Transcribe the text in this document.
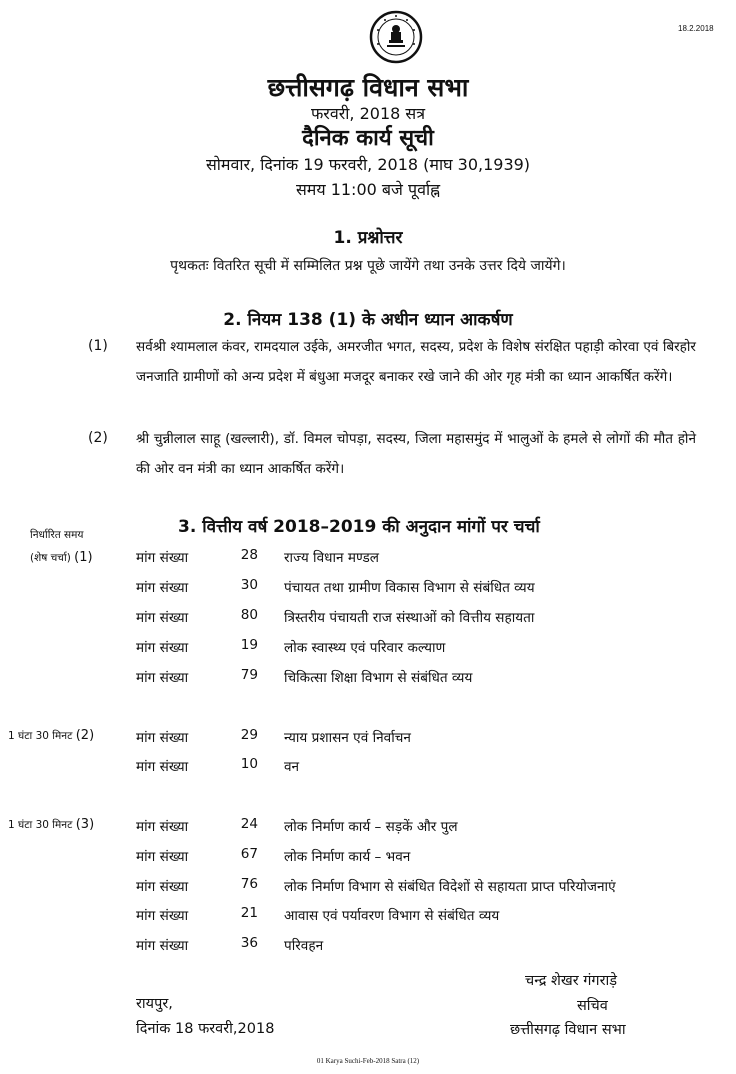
18.2.2018
छत्तीसगढ़ विधान सभा
फरवरी, 2018 सत्र
दैनिक कार्य सूची
सोमवार, दिनांक 19 फरवरी, 2018 (माघ 30,1939)
समय 11:00 बजे पूर्वाह्न
1. प्रश्नोत्तर
पृथकतः वितरित सूची में सम्मिलित प्रश्न पूछे जायेंगे तथा उनके उत्तर दिये जायेंगे।
2. नियम 138 (1) के अधीन ध्यान आकर्षण
(1) सर्वश्री श्यामलाल कंवर, रामदयाल उईके, अमरजीत भगत, सदस्य, प्रदेश के विशेष संरक्षित पहाड़ी कोरवा एवं बिरहोर जनजाति ग्रामीणों को अन्य प्रदेश में बंधुआ मजदूर बनाकर रखे जाने की ओर गृह मंत्री का ध्यान आकर्षित करेंगे।
(2) श्री चुन्नीलाल साहू (खल्लारी), डॉ. विमल चोपड़ा, सदस्य, जिला महासमुंद में भालुओं के हमले से लोगों की मौत होने की ओर वन मंत्री का ध्यान आकर्षित करेंगे।
3. वित्तीय वर्ष 2018–2019 की अनुदान मांगों पर चर्चा
निर्धारित समय
(शेष चर्चा) (1)	मांग संख्या	28 राज्य विधान मण्डल
मांग संख्या	30 पंचायत तथा ग्रामीण विकास विभाग से संबंधित व्यय
मांग संख्या	80 त्रिस्तरीय पंचायती राज संस्थाओं को वित्तीय सहायता
मांग संख्या	19 लोक स्वास्थ्य एवं परिवार कल्याण
मांग संख्या	79 चिकित्सा शिक्षा विभाग से संबंधित व्यय
1 घंटा 30 मिनट (2)	मांग संख्या	29 न्याय प्रशासन एवं निर्वाचन
मांग संख्या	10 वन
1 घंटा 30 मिनट (3)	मांग संख्या	24 लोक निर्माण कार्य – सड़कें और पुल
मांग संख्या	67 लोक निर्माण कार्य – भवन
मांग संख्या	76 लोक निर्माण विभाग से संबंधित विदेशों से सहायता प्राप्त परियोजनाएं
मांग संख्या	21 आवास एवं पर्यावरण विभाग से संबंधित व्यय
मांग संख्या	36 परिवहन
चन्द्र शेखर गंगराड़े
सचिव
छत्तीसगढ़ विधान सभा
रायपुर,
दिनांक 18 फरवरी,2018
01 Karya Suchi-Feb-2018 Satra (12)
